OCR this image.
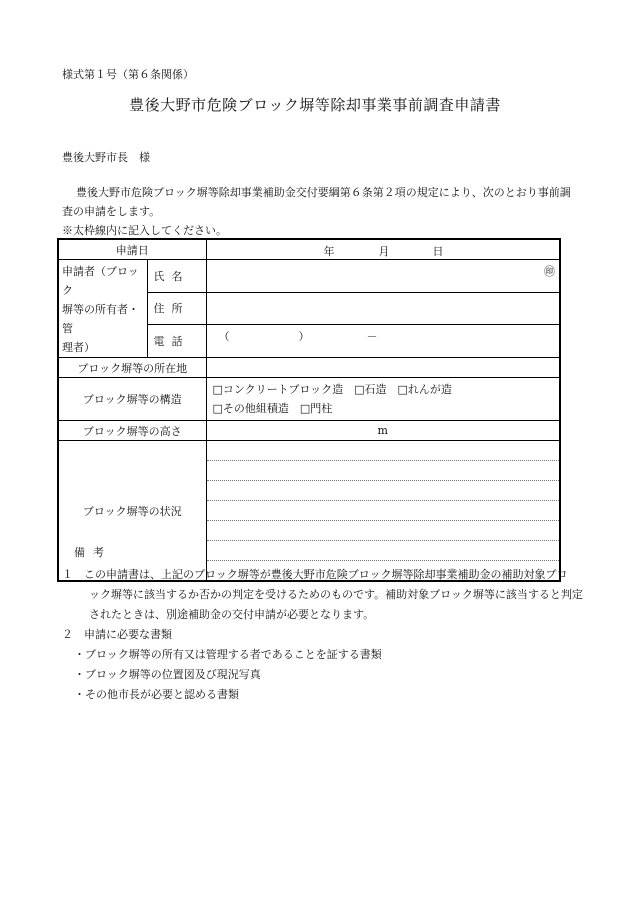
様式第１号（第６条関係）
豊後大野市危険ブロック塀等除却事業事前調査申請書
豊後大野市長　様
豊後大野市危険ブロック塀等除却事業補助金交付要綱第６条第２項の規定により、次のとおり事前調
査の申請をします。
※太枠線内に記入してください。
申請日		年 月 日

申請者（ブロック
塀等の所有者・管
理者）	氏名	㊞

	住所	
	電話	（ ） －

ブロック塀等の所在地		
ブロック塀等の構造		□コンクリートブロック造　□石造　□れんが造
□その他組積造　□門柱

ブロック塀等の高さ		m
ブロック塀等の状況		
備考
１　この申請書は、上記のブロック塀等が豊後大野市危険ブロック塀等除却事業補助金の補助対象ブロ
ック塀等に該当するか否かの判定を受けるためのものです。補助対象ブロック塀等に該当すると判定
されたときは、別途補助金の交付申請が必要となります。
２　申請に必要な書類
・ブロック塀等の所有又は管理する者であることを証する書類
・ブロック塀等の位置図及び現況写真
・その他市長が必要と認める書類
